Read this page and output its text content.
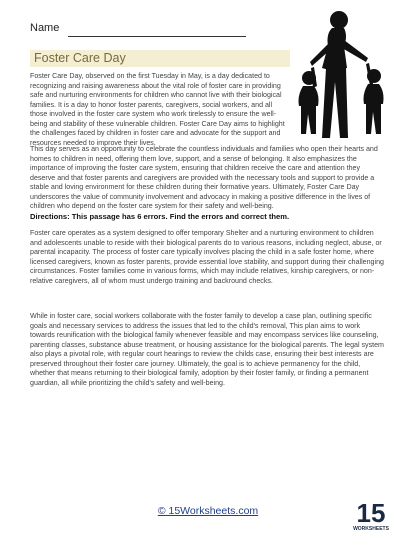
Name
Foster Care Day
Foster Care Day, observed on the first Tuesday in May, is a day dedicated to recognizing and raising awareness about the vital role of foster care in providing safe and nurturing environments for children who cannot live with their biological families. It is a day to honor foster parents, caregivers, social workers, and all those involved in the foster care system who work tirelessly to ensure the well-being and stability of these vulnerable children. Foster Care Day aims to highlight the challenges faced by children in foster care and advocate for the support and resources needed to improve their lives.
This day serves as an opportunity to celebrate the countless individuals and families who open their hearts and homes to children in need, offering them love, support, and a sense of belonging. It also emphasizes the importance of improving the foster care system, ensuring that children receive the care and attention they deserve and that foster parents and caregivers are provided with the necessary tools and support to provide a stable and loving environment for these children during their formative years. Ultimately, Foster Care Day underscores the value of community involvement and advocacy in making a positive difference in the lives of children who depend on the foster care system for their safety and well-being.
Directions: This passage has 6 errors. Find the errors and correct them.
Foster care operates as a system designed to offer temporary Shelter and a nurturing environment to children and adolescents unable to reside with their biological parents do to various reasons, including neglect, abuse, or parental incapacity. The process of foster care typically involves placing the child in a safe foster home, where licensed caregivers, known as foster parents, provide essential love stability, and support during their challenging circumstances. Foster families come in various forms, which may include relatives, kinship caregivers, or non-relative caregivers, all of whom must undergo training and backround checks.
While in foster care, social workers collaborate with the foster family to develop a case plan, outlining specific goals and necessary services to address the issues that led to the child's removal, This plan aims to work towards reunification with the biological family whenever feasible and may encompass services like counseling, parenting classes, substance abuse treatment, or housing assistance for the biological parents. The legal system also plays a pivotal role, with regular court hearings to review the childs case, ensuring their best interests are preserved throughout their foster care journey. Ultimately, the goal is to achieve permanency for the child, whether that means returning to their biological family, adoption by their foster family, or finding a permanent guardian, all while prioritizing the child's safety and well-being.
© 15Worksheets.com	15
WORKSHEETS
